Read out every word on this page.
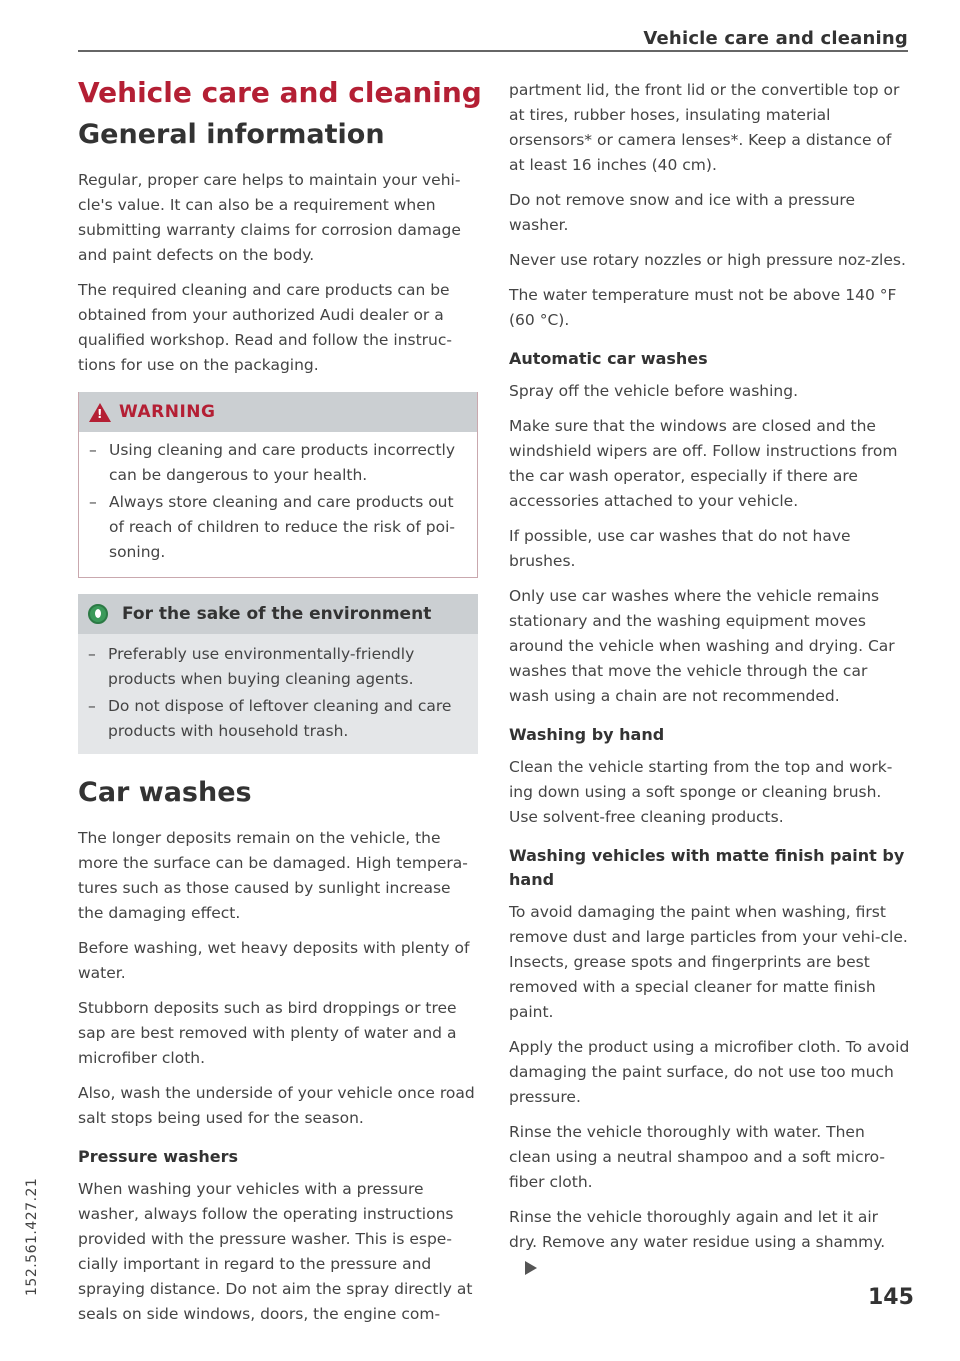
Vehicle care and cleaning
Vehicle care and cleaning
General information

Regular, proper care helps to maintain your vehi-cle's value. It can also be a requirement when submitting warranty claims for corrosion damage and paint defects on the body.

The required cleaning and care products can be obtained from your authorized Audi dealer or a qualified workshop. Read and follow the instruc-tions for use on the packaging.

!
WARNING
– Using cleaning and care products incorrectly can be dangerous to your health.
– Always store cleaning and care products out of reach of children to reduce the risk of poi-soning.
For the sake of the environment
– Preferably use environmentally-friendly products when buying cleaning agents.
– Do not dispose of leftover cleaning and care products with household trash.
Car washes

The longer deposits remain on the vehicle, the more the surface can be damaged. High tempera-tures such as those caused by sunlight increase the damaging effect.

Before washing, wet heavy deposits with plenty of water.

Stubborn deposits such as bird droppings or tree sap are best removed with plenty of water and a microfiber cloth.

Also, wash the underside of your vehicle once road salt stops being used for the season.

Pressure washers

When washing your vehicles with a pressure washer, always follow the operating instructions provided with the pressure washer. This is espe-cially important in regard to the pressure and spraying distance. Do not aim the spray directly at seals on side windows, doors, the engine com-

partment lid, the front lid or the convertible top or at tires, rubber hoses, insulating material orsensors* or camera lenses*. Keep a distance of at least 16 inches (40 cm).

Do not remove snow and ice with a pressure washer.

Never use rotary nozzles or high pressure noz-zles.

The water temperature must not be above 140 °F (60 °C).

Automatic car washes

Spray off the vehicle before washing.

Make sure that the windows are closed and the windshield wipers are off. Follow instructions from the car wash operator, especially if there are accessories attached to your vehicle.

If possible, use car washes that do not have brushes.

Only use car washes where the vehicle remains stationary and the washing equipment moves around the vehicle when washing and drying. Car washes that move the vehicle through the car wash using a chain are not recommended.

Washing by hand

Clean the vehicle starting from the top and work-ing down using a soft sponge or cleaning brush. Use solvent-free cleaning products.

Washing vehicles with matte finish paint by hand

To avoid damaging the paint when washing, first remove dust and large particles from your vehi-cle. Insects, grease spots and fingerprints are best removed with a special cleaner for matte finish paint.

Apply the product using a microfiber cloth. To avoid damaging the paint surface, do not use too much pressure.

Rinse the vehicle thoroughly with water. Then clean using a neutral shampoo and a soft micro-fiber cloth.

Rinse the vehicle thoroughly again and let it air dry. Remove any water residue using a shammy.

145
152.561.427.21
